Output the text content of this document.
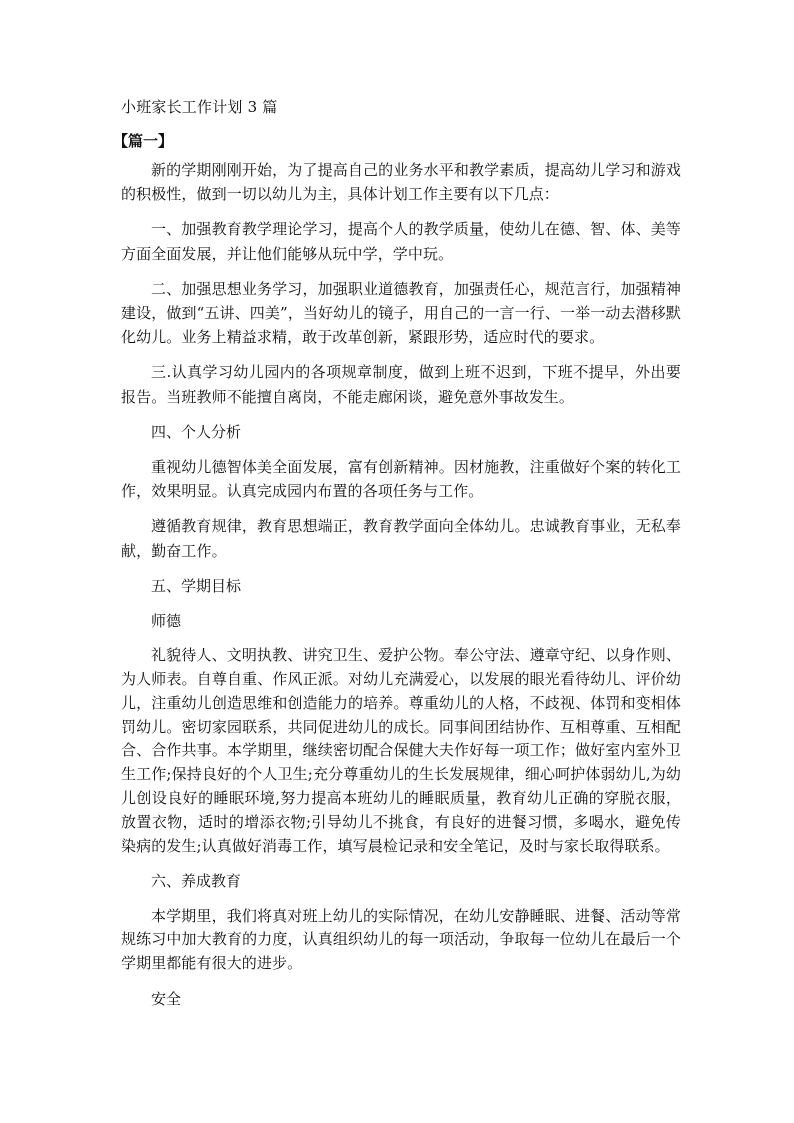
小班家长工作计划 3 篇
【篇一】

新的学期刚刚开始，为了提高自己的业务水平和教学素质，提高幼儿学习和游戏的积极性，做到一切以幼儿为主，具体计划工作主要有以下几点：

一、加强教育教学理论学习，提高个人的教学质量，使幼儿在德、智、体、美等方面全面发展，并让他们能够从玩中学，学中玩。

二、加强思想业务学习，加强职业道德教育，加强责任心，规范言行，加强精神建设，做到“五讲、四美”，当好幼儿的镜子，用自己的一言一行、一举一动去潜移默化幼儿。业务上精益求精，敢于改革创新，紧跟形势，适应时代的要求。

三.认真学习幼儿园内的各项规章制度，做到上班不迟到，下班不提早，外出要报告。当班教师不能擅自离岗，不能走廊闲谈，避免意外事故发生。

四、个人分析

重视幼儿德智体美全面发展，富有创新精神。因材施教，注重做好个案的转化工作，效果明显。认真完成园内布置的各项任务与工作。

遵循教育规律，教育思想端正，教育教学面向全体幼儿。忠诚教育事业，无私奉献，勤奋工作。

五、学期目标

师德

礼貌待人、文明执教、讲究卫生、爱护公物。奉公守法、遵章守纪、以身作则、为人师表。自尊自重、作风正派。对幼儿充满爱心，以发展的眼光看待幼儿、评价幼儿，注重幼儿创造思维和创造能力的培养。尊重幼儿的人格，不歧视、体罚和变相体罚幼儿。密切家园联系，共同促进幼儿的成长。同事间团结协作、互相尊重、互相配合、合作共事。本学期里，继续密切配合保健大夫作好每一项工作；做好室内室外卫生工作;保持良好的个人卫生;充分尊重幼儿的生长发展规律，细心呵护体弱幼儿,为幼儿创设良好的睡眠环境,努力提高本班幼儿的睡眠质量，教育幼儿正确的穿脱衣服，放置衣物，适时的增添衣物;引导幼儿不挑食，有良好的进餐习惯，多喝水，避免传染病的发生;认真做好消毒工作，填写晨检记录和安全笔记，及时与家长取得联系。

六、养成教育

本学期里，我们将真对班上幼儿的实际情况，在幼儿安静睡眠、进餐、活动等常规练习中加大教育的力度，认真组织幼儿的每一项活动，争取每一位幼儿在最后一个学期里都能有很大的进步。

安全
